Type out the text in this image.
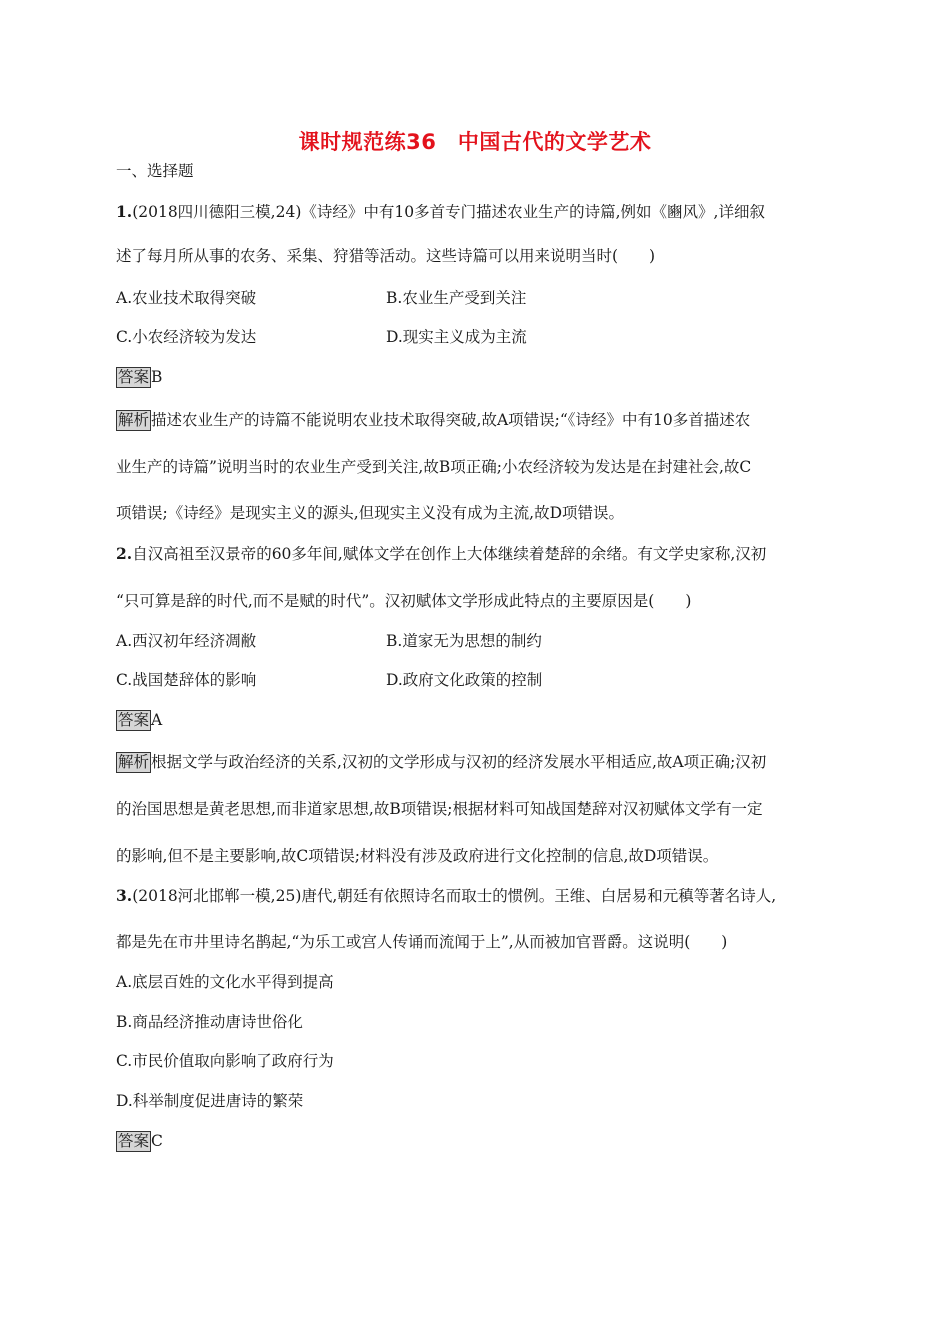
课时规范练36　中国古代的文学艺术
一、选择题
1.(2018四川德阳三模,24)《诗经》中有10多首专门描述农业生产的诗篇,例如《豳风》,详细叙
述了每月所从事的农务、采集、狩猎等活动。这些诗篇可以用来说明当时(　　)
A.农业技术取得突破	B.农业生产受到关注
C.小农经济较为发达	D.现实主义成为主流
答案 B
解析 描述农业生产的诗篇不能说明农业技术取得突破,故A项错误;“《诗经》中有10多首描述农
业生产的诗篇”说明当时的农业生产受到关注,故B项正确;小农经济较为发达是在封建社会,故C
项错误;《诗经》是现实主义的源头,但现实主义没有成为主流,故D项错误。
2.自汉高祖至汉景帝的60多年间,赋体文学在创作上大体继续着楚辞的余绪。有文学史家称,汉初
“只可算是辞的时代,而不是赋的时代”。汉初赋体文学形成此特点的主要原因是(　　)
A.西汉初年经济凋敝	B.道家无为思想的制约
C.战国楚辞体的影响	D.政府文化政策的控制
答案 A
解析 根据文学与政治经济的关系,汉初的文学形成与汉初的经济发展水平相适应,故A项正确;汉初
的治国思想是黄老思想,而非道家思想,故B项错误;根据材料可知战国楚辞对汉初赋体文学有一定
的影响,但不是主要影响,故C项错误;材料没有涉及政府进行文化控制的信息,故D项错误。
3.(2018河北邯郸一模,25)唐代,朝廷有依照诗名而取士的惯例。王维、白居易和元稹等著名诗人,
都是先在市井里诗名鹊起,“为乐工或宫人传诵而流闻于上”,从而被加官晋爵。这说明(　　)
A.底层百姓的文化水平得到提高
B.商品经济推动唐诗世俗化
C.市民价值取向影响了政府行为
D.科举制度促进唐诗的繁荣
答案 C
